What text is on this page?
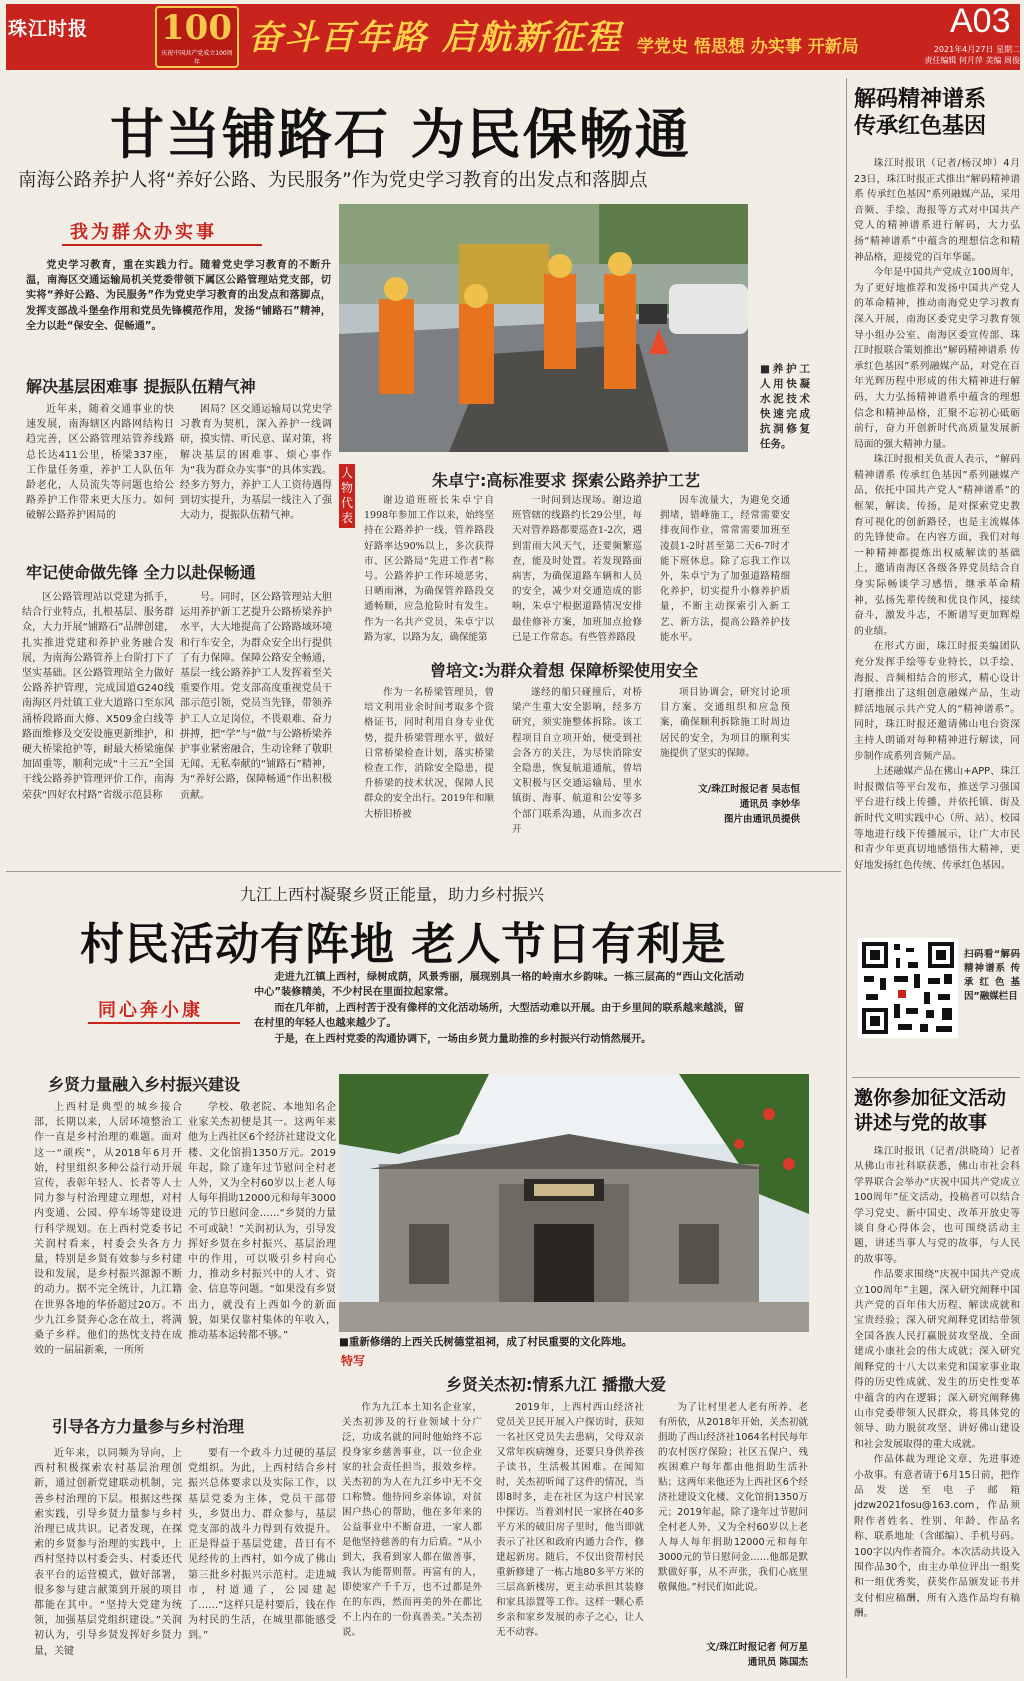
珠江时报 100
庆祝中国共产党成立100周年
奋斗百年路 启航新征程 学党史 悟思想 办实事 开新局
A03
2021年4月27日 星期二
责任编辑 何月萍 美编 周俊
甘当铺路石 为民保畅通
南海公路养护人将“养好公路、为民服务”作为党史学习教育的出发点和落脚点
我为群众办实事

党史学习教育，重在实践力行。随着党史学习教育的不断升温，南海区交通运输局机关党委带领下属区公路管理站党支部，切实将“养好公路、为民服务”作为党史学习教育的出发点和落脚点，发挥支部战斗堡垒作用和党员先锋模范作用，发扬“铺路石”精神，全力以赴“保安全、促畅通”。

解决基层困难事 提振队伍精气神

近年来，随着交通事业的快速发展，南海辖区内路网结构日趋完善，区公路管理站管养线路总长达411公里，桥梁337座，工作量任务重，养护工人队伍年龄老化，人员流失等问题也给公路养护工作带来更大压力。如何破解公路养护困局的

困局？区交通运输局以党史学习教育为契机，深入养护一线调研，摸实情、听民意、谋对策，将解决基层的困难事、烦心事作为“我为群众办实事”的具体实践。经多方努力，养护工人工资待遇得到切实提升，为基层一线注入了强大动力，提振队伍精气神。

牢记使命做先锋 全力以赴保畅通

区公路管理站以党建为抓手，结合行业特点，扎根基层、服务群众，大力开展“铺路石”品牌创建，扎实推进党建和养护业务融合发展，为南海公路管养上台阶打下了坚实基础。区公路管理站全力做好公路养护管理，完成国道G240线南海区丹灶镇工业大道路口至东风涌桥段路面大修、X509金白线等路面维修及交安设施更新维护，和硬大桥梁抢护等，耐最大桥梁施保加固重等，顺利完成“十三五”全国干线公路养护管理评价工作，南海荣获“四好农村路”省级示范县称

号。同时，区公路管理站大胆运用养护新工艺提升公路桥梁养护水平，大大地提高了公路路域环境和行车安全，为群众安全出行提供了有力保障。保障公路安全畅通，基层一线公路养护工人发挥着至关重要作用。党支部高度重视党员干部示范引领，党员当先锋，带领养护工人立足岗位，不畏艰难、奋力拼搏，把“学”与“做”与公路桥梁养护事业紧密融合，生动诠释了敬职无闻、无私奉献的“铺路石”精神，为“养好公路，保障畅通”作出积极贡献。

■养护工人用快凝水泥技术快速完成抗洞修复任务。
人物代表
朱卓宁:高标准要求 探索公路养护工艺

谢边道班班长朱卓宁自1998年参加工作以来，始终坚持在公路养护一线，管养路段好路率达90%以上，多次获得市、区公路局“先进工作者”称号。公路养护工作环境恶劣，日晒雨淋，为确保管养路段交通畅顺，应急抢险时有发生。作为一名共产党员，朱卓宁以路为家，以路为友，确保能第

一时间到达现场。谢边道班管辖的线路约长29公里，每天对管养路都要巡查1-2次，遇到雷雨大风天气，还要频繁巡查，能及时处置。若发现路面病害，为确保道路车辆和人员的安全，减少对交通造成的影响，朱卓宁根据道路情况安排最佳修补方案，加班加点抢修已是工作常态。有些管养路段

因车流量大，为避免交通拥堵，错峰施工，经常需要安排夜间作业，常常需要加班至凌晨1-2时甚至第二天6-7时才能下班休息。除了忘我工作以外，朱卓宁为了加强道路精细化养护，切实提升小修养护质量，不断主动探索引入新工艺、新方法，提高公路养护技能水平。

曾培文:为群众着想 保障桥梁使用安全

作为一名桥梁管理员，曾培文利用业余时间考取多个资格证书，同时利用自身专业优势，提升桥梁管理水平，做好日常桥梁检查计划，落实桥梁检查工作，消除安全隐患，提升桥梁的技术状况，保障人民群众的安全出行。2019年和顺大桥旧桥被

遂经的船只碰撞后，对桥梁产生重大安全影响，经多方研究，须实施整体拆除。该工程项目自立项开始，便受到社会各方的关注，为尽快消除安全隐患，恢复航道通航，曾培文积极与区交通运输局、里水镇街、海事、航道和公安等多个部门联系沟通，从而多次召开

项目协调会，研究讨论项目方案、交通组织和应急预案，确保顺利拆除施工时周边居民的安全，为项目的顺利实施提供了坚实的保障。

文/珠江时报记者 吴志恒
通讯员 李妙华
图片由通讯员提供
解码精神谱系
传承红色基因

珠江时报讯（记者/杨汉坤）4月23日，珠江时报正式推出“解码精神谱系 传承红色基因”系列融媒产品，采用音频、手绘、海报等方式对中国共产党人的精神谱系进行解码，大力弘扬“精神谱系”中蕴含的理想信念和精神品格，迎接党的百年华诞。

今年是中国共产党成立100周年，为了更好地推荐和发扬中国共产党人的革命精神，推动南海党史学习教育深入开展，南海区委党史学习教育领导小组办公室、南海区委宣传部、珠江时报联合策划推出“解码精神谱系 传承红色基因”系列融媒产品，对党在百年光辉历程中形成的伟大精神进行解码，大力弘扬精神谱系中蕴含的理想信念和精神品格，汇聚不忘初心砥砺前行，奋力开创新时代高质量发展新局面的强大精神力量。

珠江时报相关负责人表示，“解码精神谱系 传承红色基因”系列融媒产品，依托中国共产党人“精神谱系”的框架，解读、传扬，是对探索党史教育可视化的创新路径，也是主流媒体的先锋使命。在内容方面，我们对每一种精神都提炼出权威解读的基础上，邀请南海区各级各界党员结合自身实际畅谈学习感悟，继承革命精神，弘扬先辈传统和优良作风，接续奋斗，激发斗志，不断谱写更加辉煌的业绩。

在形式方面，珠江时报美编团队充分发挥手绘等专业特长，以手绘、海报、音频相结合的形式，精心设计打磨推出了这组创意融媒产品，生动鲜活地展示共产党人的“精神谱系”。同时，珠江时报还邀请佛山电台资深主持人朗诵对每种精神进行解读，同步制作成系列音频产品。

上述融媒产品在佛山+APP、珠江时报微信等平台发布，推送学习强国平台进行线上传播，并依托镇、街及新时代文明实践中心（所、站）、校园等地进行线下传播展示，让广大市民和青少年更真切地感悟伟大精神，更好地发扬红色传统、传承红色基因。

扫码看“解码精神谱系 传承红色基因”融媒栏目
九江上西村凝聚乡贤正能量，助力乡村振兴
村民活动有阵地 老人节日有利是
同心奔小康

走进九江镇上西村，绿树成荫，风景秀丽，展现别具一格的岭南水乡韵味。一栋三层高的“西山文化活动中心”装修精美，不少村民在里面拉起家常。

而在几年前，上西村苦于没有像样的文化活动场所，大型活动难以开展。由于乡里间的联系越来越淡，留在村里的年轻人也越来越少了。

于是，在上西村党委的沟通协调下，一场由乡贤力量助推的乡村振兴行动悄然展开。

乡贤力量融入乡村振兴建设

上西村是典型的城乡接合部，长期以来，人居环境整治工作一直是乡村治理的难题。面对这一“顽疾”，从2018年6月开始，村里组织多种公益行动开展宣传，表彰年轻人、长者等人士同力参与村治理建立理想，对村内变通、公园、停车场等建设进行科学规划。在上西村党委书记关润村看来，村委会头各方力量，特别是乡贤有效参与乡村建设和发展，是乡村振兴源源不断的动力。据不完全统计，九江籍在世界各地的华侨超过20万。不少九江乡贤奔心念在故土，将满桑子乡样。他们的热忱支持在成效的一届届新乘，一所所

学校、敬老院、本地知名企业家关杰初便是其一。这两年来他为上西社区6个经济社建设文化楼、文化馆捐1350万元。2019年起，除了逢年过节慰问全村老人外，又为全村60岁以上老人每人每年捐助12000元和每年3000元的节日慰问金……“乡贤的力量不可或缺！”关润初认为，引导发挥好乡贤在乡村振兴、基层治理中的作用，可以吸引乡村向心力，推动乡村振兴中的人才、资金、信息等问题。“如果没有乡贤出力，就没有上西如今的新面貌，如果仅靠村集体的年收入，推动基本运转都不够。”

引导各方力量参与乡村治理

近年来，以同频为导向，上西村积极探索农村基层治理创新，通过创新党建联动机制，完善乡村治理的下层。根据这些探索实践，引导乡贤力量参与乡村治理已成共识。记者发现，在探索的乡贤参与治理的实践中，上西村坚持以村委会头、村委还代表平台的运营模式，做好部署，很多参与建言献策到开展的项目都能在其中。“坚持大党建为统领，加强基层党组织建设。”关润初认为，引导乡贤发挥好乡贤力量，关键

要有一个政斗力过硬的基层党组织。为此，上西村结合乡村振兴总体要求以及实际工作，以基层党委为主体，党员干部带头，乡贤出力、群众参与，基层党支部的战斗力得到有效提升。正是得益于基层党建，昔日有不见经传的上西村，如今成了佛山第三批乡村振兴示范村。走进城市，村道通了，公园建起了……“这样只是村要后，钱在作为村民的生活，在城里都能感受到。”

■重新修缮的上西关氏树德堂祖祠，成了村民重要的文化阵地。
特写
乡贤关杰初:情系九江 播撒大爱

作为九江本土知名企业家，关杰初涉及的行业领域十分广泛，功成名就的同时他始终不忘投身家乡慈善事业，以一位企业家的社会责任担当，报效乡梓。关杰初的为人在九江乡中无不交口称赞。他待同乡亲体谅，对贫困户热心的帮助，他在多年来的公益事业中不断奋进，一家人都是他坚持慈善的有力后盾。“从小到大，我看到家人都在做善事，我认为能帮则帮。再富有的人，即使家产千千万，也不过都是外在的东西，然而再美的外在都比不上内在的一份真善美。”关杰初说。

2019年，上西村西山经济社党员关卫民开展入户探访时，获知一名社区党员失去患病，父母双亲又常年疾病缠身，还要只身供养孩子读书，生活极其困难。在闻知时，关杰初听闻了这件的情况，当即8时多，走在社区为这户村民家中探访。当着刘村民一家挤在40多平方米的破旧房子里时，他当即就表示了社区和政府内通力合作，修建起新房。随后，不仅出资帮村民重新修建了一栋占地80多平方米的三层高新楼房，更主动承担其装修和家具添置等工作。这样一颗心系乡亲和家乡发展的赤子之心，让人无不动容。

为了让村里老人老有所养、老有所依，从2018年开始，关杰初就捐助了西山经济社1064名村民每年的农村医疗保险；社区五保户、残疾困难户每年都由他捐助生活补贴；这两年来他还为上西社区6个经济社建设文化楼、文化馆捐1350万元；2019年起，除了逢年过节慰问全村老人外，又为全村60岁以上老人每人每年捐助12000元和每年3000元的节日慰问金……他都是默默做好事，从不声张，我们心底里敬佩他。”村民们如此说。

文/珠江时报记者 何万星
通讯员 陈国杰
邀你参加征文活动
讲述与党的故事

珠江时报讯（记者/洪晓琦）记者从佛山市社科联获悉，佛山市社会科学界联合会举办“庆祝中国共产党成立100周年”征文活动，投稿者可以结合学习党史、新中国史、改革开放史等谈自身心得体会，也可围绕活动主题，讲述当事人与党的故事，与人民的故事等。

作品要求围绕“庆祝中国共产党成立100周年”主题，深入研究阐释中国共产党的百年伟大历程、解读成就和宝贵经验；深入研究阐释党团结带领全国各族人民打赢脱贫攻坚战、全面建成小康社会的伟大成就；深入研究阐释党的十八大以来党和国家事业取得的历史性成就、发生的历史性变革中蕴含的内在逻辑；深入研究阐释佛山市党委带领人民群众，将具体党的领导、助力脱贫攻坚、讲好佛山建设和社会发展取得的重大成就。

作品体裁为理论文章、先进事迹小故事。有意者请于6月15日前，把作品发送至电子邮箱jdzw2021fosu@163.com，作品须附作者姓名、性别、年龄、作品名称、联系地址（含邮编）、手机号码。100字以内作者简介。本次活动共设入围作品30个，由主办单位评出一组奖和一组优秀奖，获奖作品颁发证书并支付相应稿酬，所有入选作品均有稿酬。
